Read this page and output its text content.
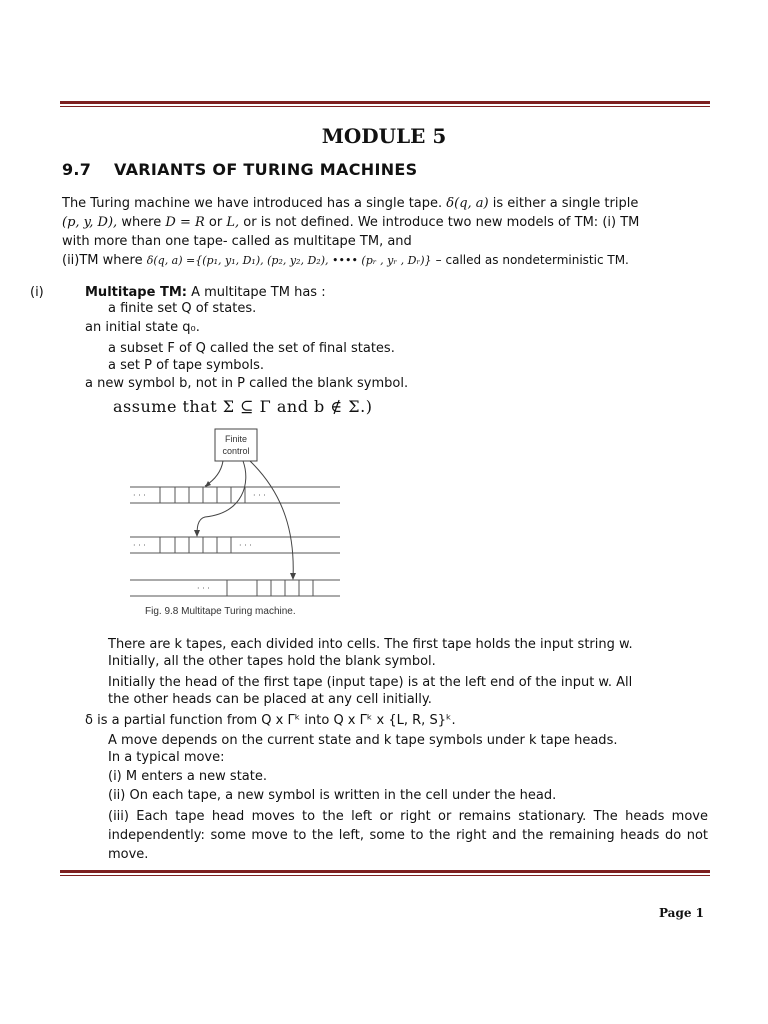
MODULE 5
9.7 VARIANTS OF TURING MACHINES
The Turing machine we have introduced has a single tape. δ(q, a) is either a single triple
(p, y, D), where D = R or L, or is not defined. We introduce two new models of TM: (i) TM
with more than one tape- called as multitape TM, and
(ii)TM where δ(q, a) ={(p₁, y₁, D₁), (p₂, y₂, D₂), •••• (pᵣ , yᵣ , Dᵣ)} – called as nondeterministic TM.
(i)	Multitape TM: A multitape TM has :
a finite set Q of states.
an initial state q₀.
a subset F of Q called the set of final states.
a set P of tape symbols.
a new symbol b, not in P called the blank symbol.
assume that Σ ⊆ Γ and b ∉ Σ.)
Finite
control
· · ·	· · ·
· · ·	· · ·
· · ·
Fig. 9.8 Multitape Turing machine.
There are k tapes, each divided into cells. The first tape holds the input string w.
Initially, all the other tapes hold the blank symbol.
Initially the head of the first tape (input tape) is at the left end of the input w. All
the other heads can be placed at any cell initially.
δ is a partial function from Q x Γᵏ into Q x Γᵏ x {L, R, S}ᵏ.
A move depends on the current state and k tape symbols under k tape heads.
In a typical move:
(i) M enters a new state.
(ii) On each tape, a new symbol is written in the cell under the head.
(iii) Each tape head moves to the left or right or remains stationary. The heads move independently: some move to the left, some to the right and the remaining heads do not move.
Page 1
